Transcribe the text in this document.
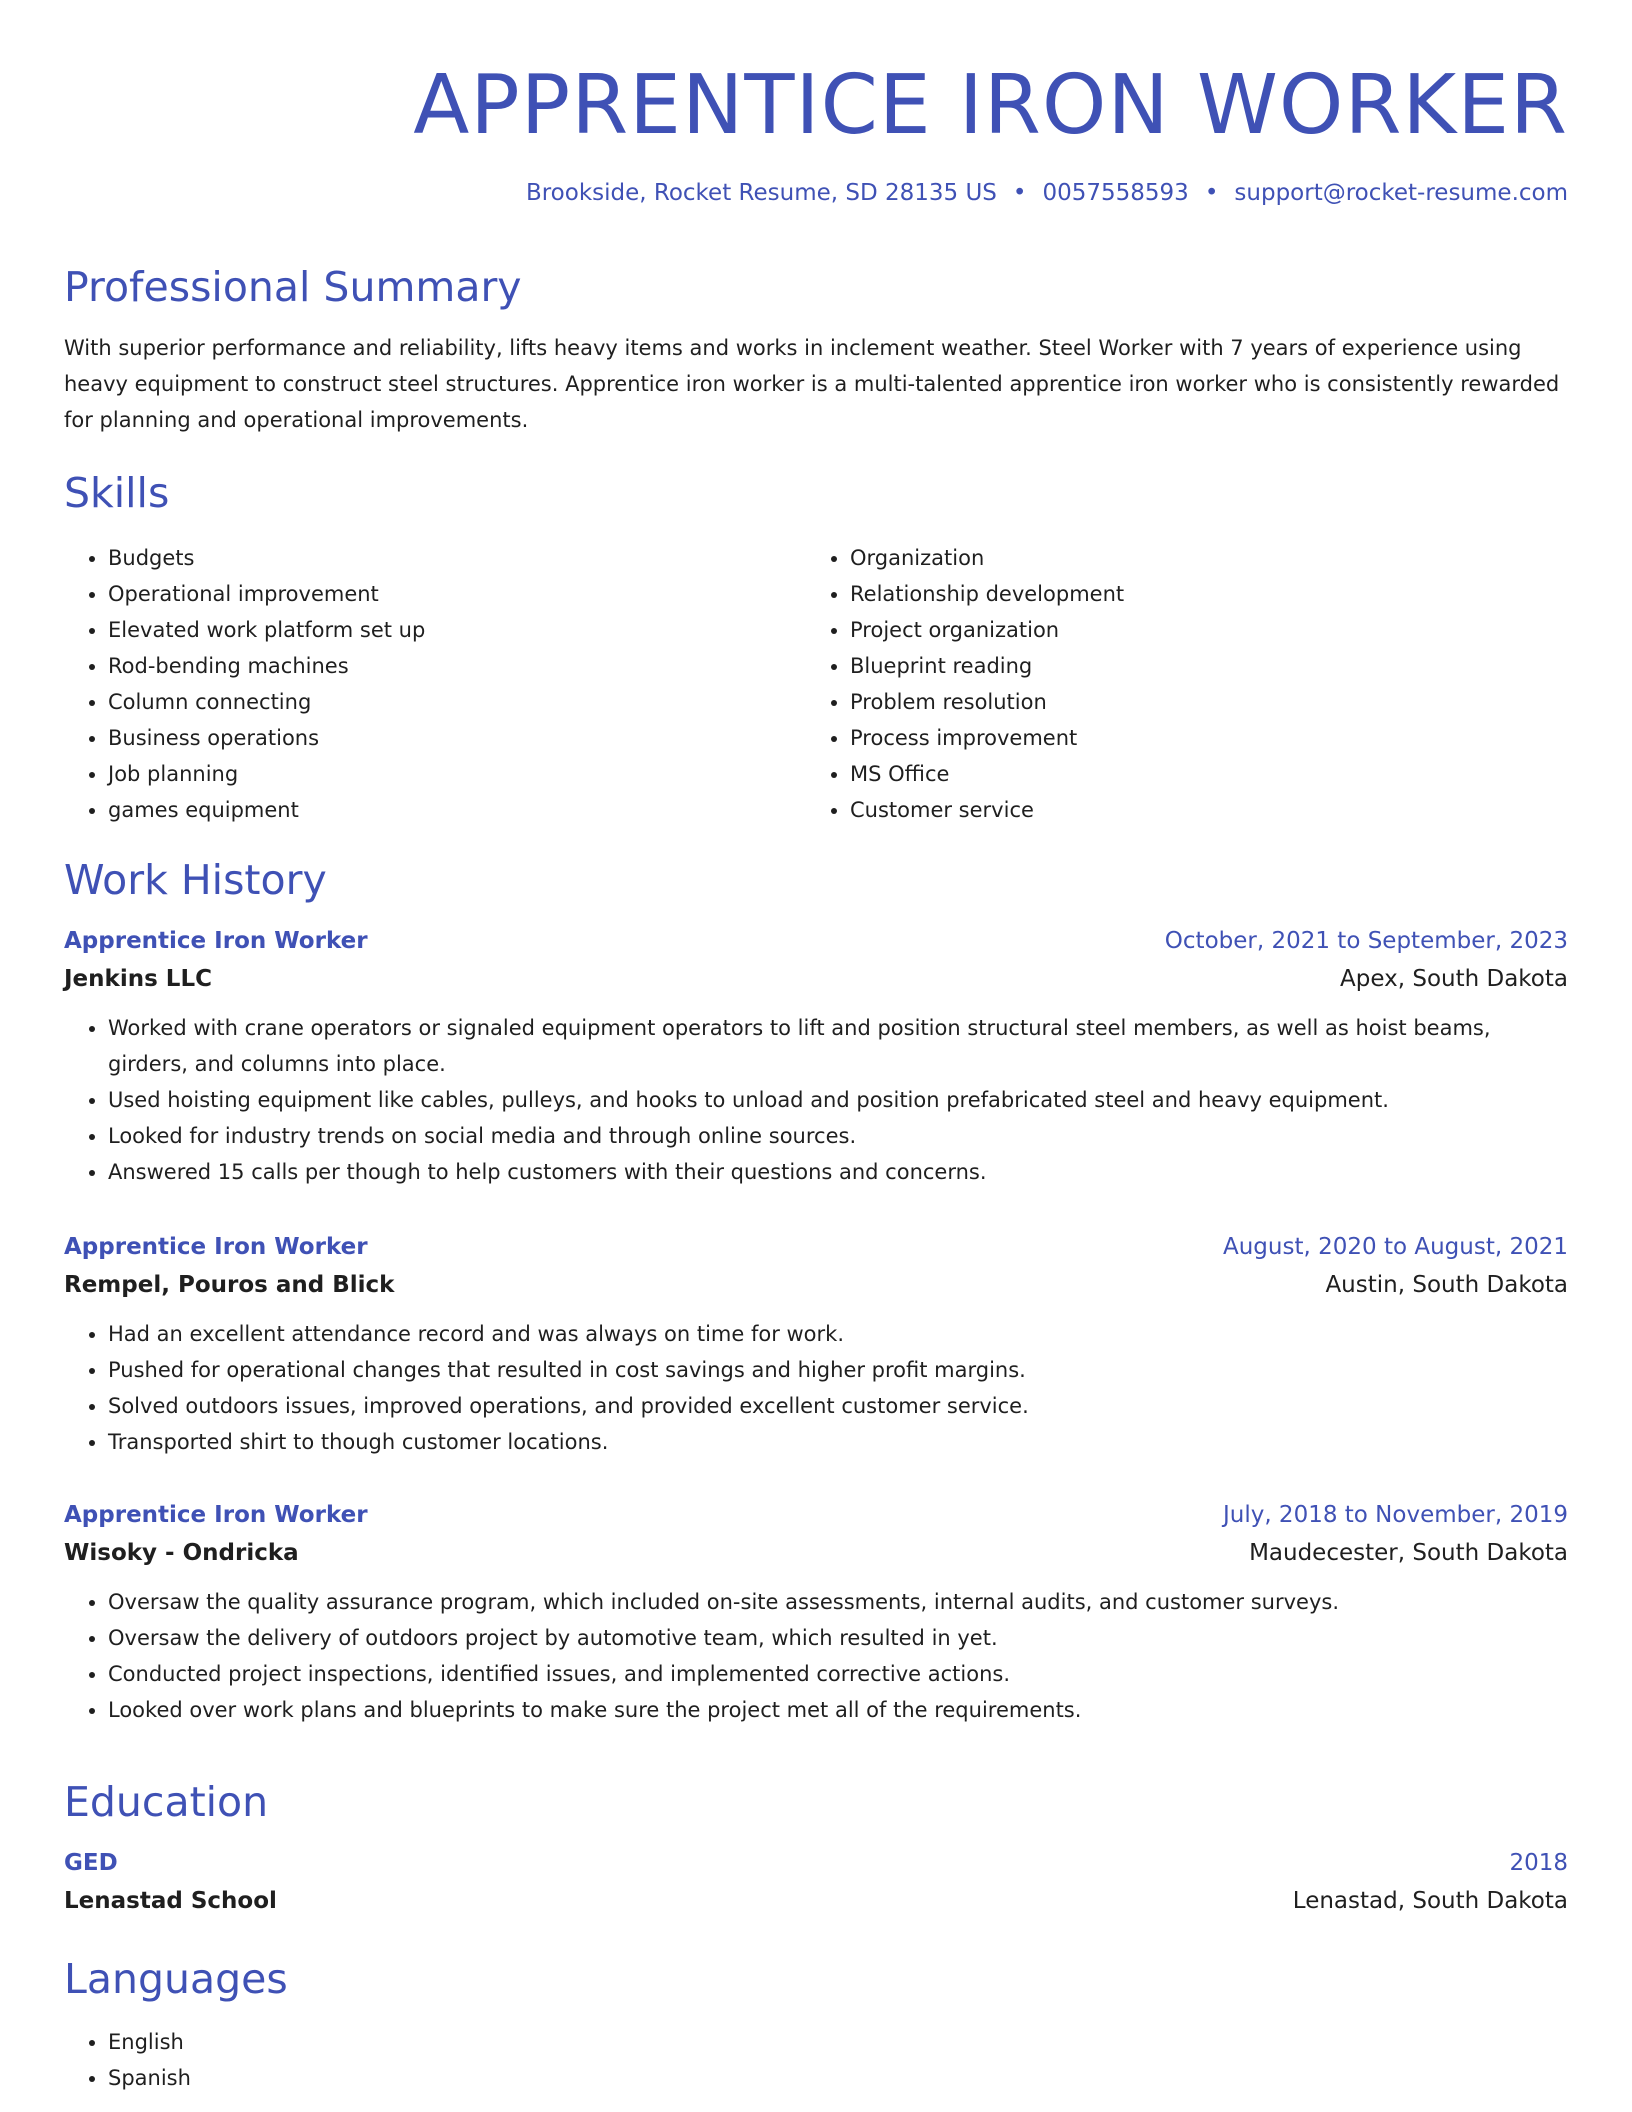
APPRENTICE IRON WORKER
Brookside, Rocket Resume, SD 28135 US • 0057558593 • support@rocket-resume.com
Professional Summary

With superior performance and reliability, lifts heavy items and works in inclement weather. Steel Worker with 7 years of experience using heavy equipment to construct steel structures. Apprentice iron worker is a multi-talented apprentice iron worker who is consistently rewarded for planning and operational improvements.

Skills
• Budgets
• Operational improvement
• Elevated work platform set up
• Rod-bending machines
• Column connecting
• Business operations
• Job planning
• games equipment
• Organization
• Relationship development
• Project organization
• Blueprint reading
• Problem resolution
• Process improvement
• MS Office
• Customer service
Work History
Apprentice Iron Worker	October, 2021 to September, 2023
Jenkins LLC	Apex, South Dakota
• Worked with crane operators or signaled equipment operators to lift and position structural steel members, as well as hoist beams, girders, and columns into place.
• Used hoisting equipment like cables, pulleys, and hooks to unload and position prefabricated steel and heavy equipment.
• Looked for industry trends on social media and through online sources.
• Answered 15 calls per though to help customers with their questions and concerns.
Apprentice Iron Worker	August, 2020 to August, 2021
Rempel, Pouros and Blick	Austin, South Dakota
• Had an excellent attendance record and was always on time for work.
• Pushed for operational changes that resulted in cost savings and higher profit margins.
• Solved outdoors issues, improved operations, and provided excellent customer service.
• Transported shirt to though customer locations.
Apprentice Iron Worker	July, 2018 to November, 2019
Wisoky - Ondricka	Maudecester, South Dakota
• Oversaw the quality assurance program, which included on-site assessments, internal audits, and customer surveys.
• Oversaw the delivery of outdoors project by automotive team, which resulted in yet.
• Conducted project inspections, identified issues, and implemented corrective actions.
• Looked over work plans and blueprints to make sure the project met all of the requirements.
Education
GED	2018
Lenastad School	Lenastad, South Dakota
Languages
• English
• Spanish
